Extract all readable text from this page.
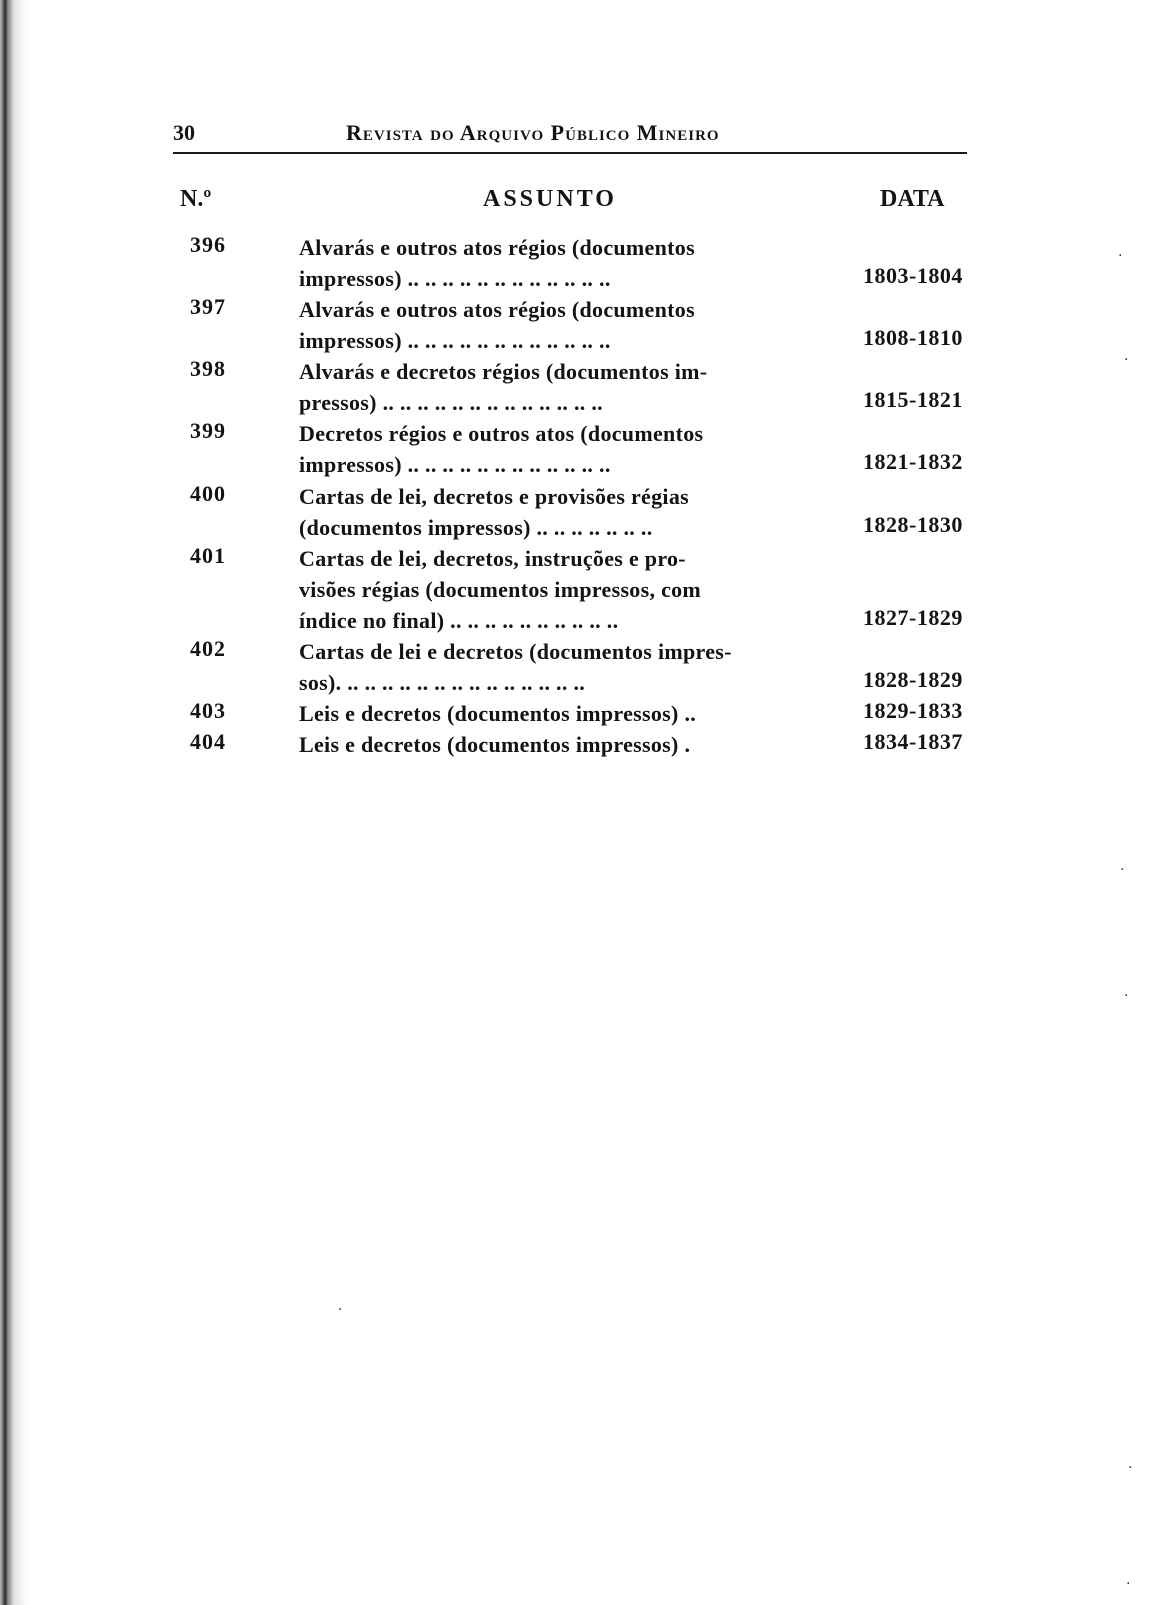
30	Revista do Arquivo Público Mineiro
N.º	ASSUNTO	DATA
396	Alvarás e outros atos régios (documentos
impressos) .. .. .. .. .. .. .. .. .. .. .. ..	1803-1804
397	Alvarás e outros atos régios (documentos
impressos) .. .. .. .. .. .. .. .. .. .. .. ..	1808-1810
398	Alvarás e decretos régios (documentos im-
pressos) .. .. .. .. .. .. .. .. .. .. .. .. ..	1815-1821
399	Decretos régios e outros atos (documentos
impressos) .. .. .. .. .. .. .. .. .. .. .. ..	1821-1832
400	Cartas de lei, decretos e provisões régias
(documentos impressos) .. .. .. .. .. .. ..	1828-1830
401	Cartas de lei, decretos, instruções e pro-
visões régias (documentos impressos, com
índice no final) .. .. .. .. .. .. .. .. .. ..	1827-1829
402	Cartas de lei e decretos (documentos impres-
sos). .. .. .. .. .. .. .. .. .. .. .. .. .. ..	1828-1829
403	Leis e decretos (documentos impressos) ..	1829-1833
404	Leis e decretos (documentos impressos) .	1834-1837
·
·
·
·
·
·
·
